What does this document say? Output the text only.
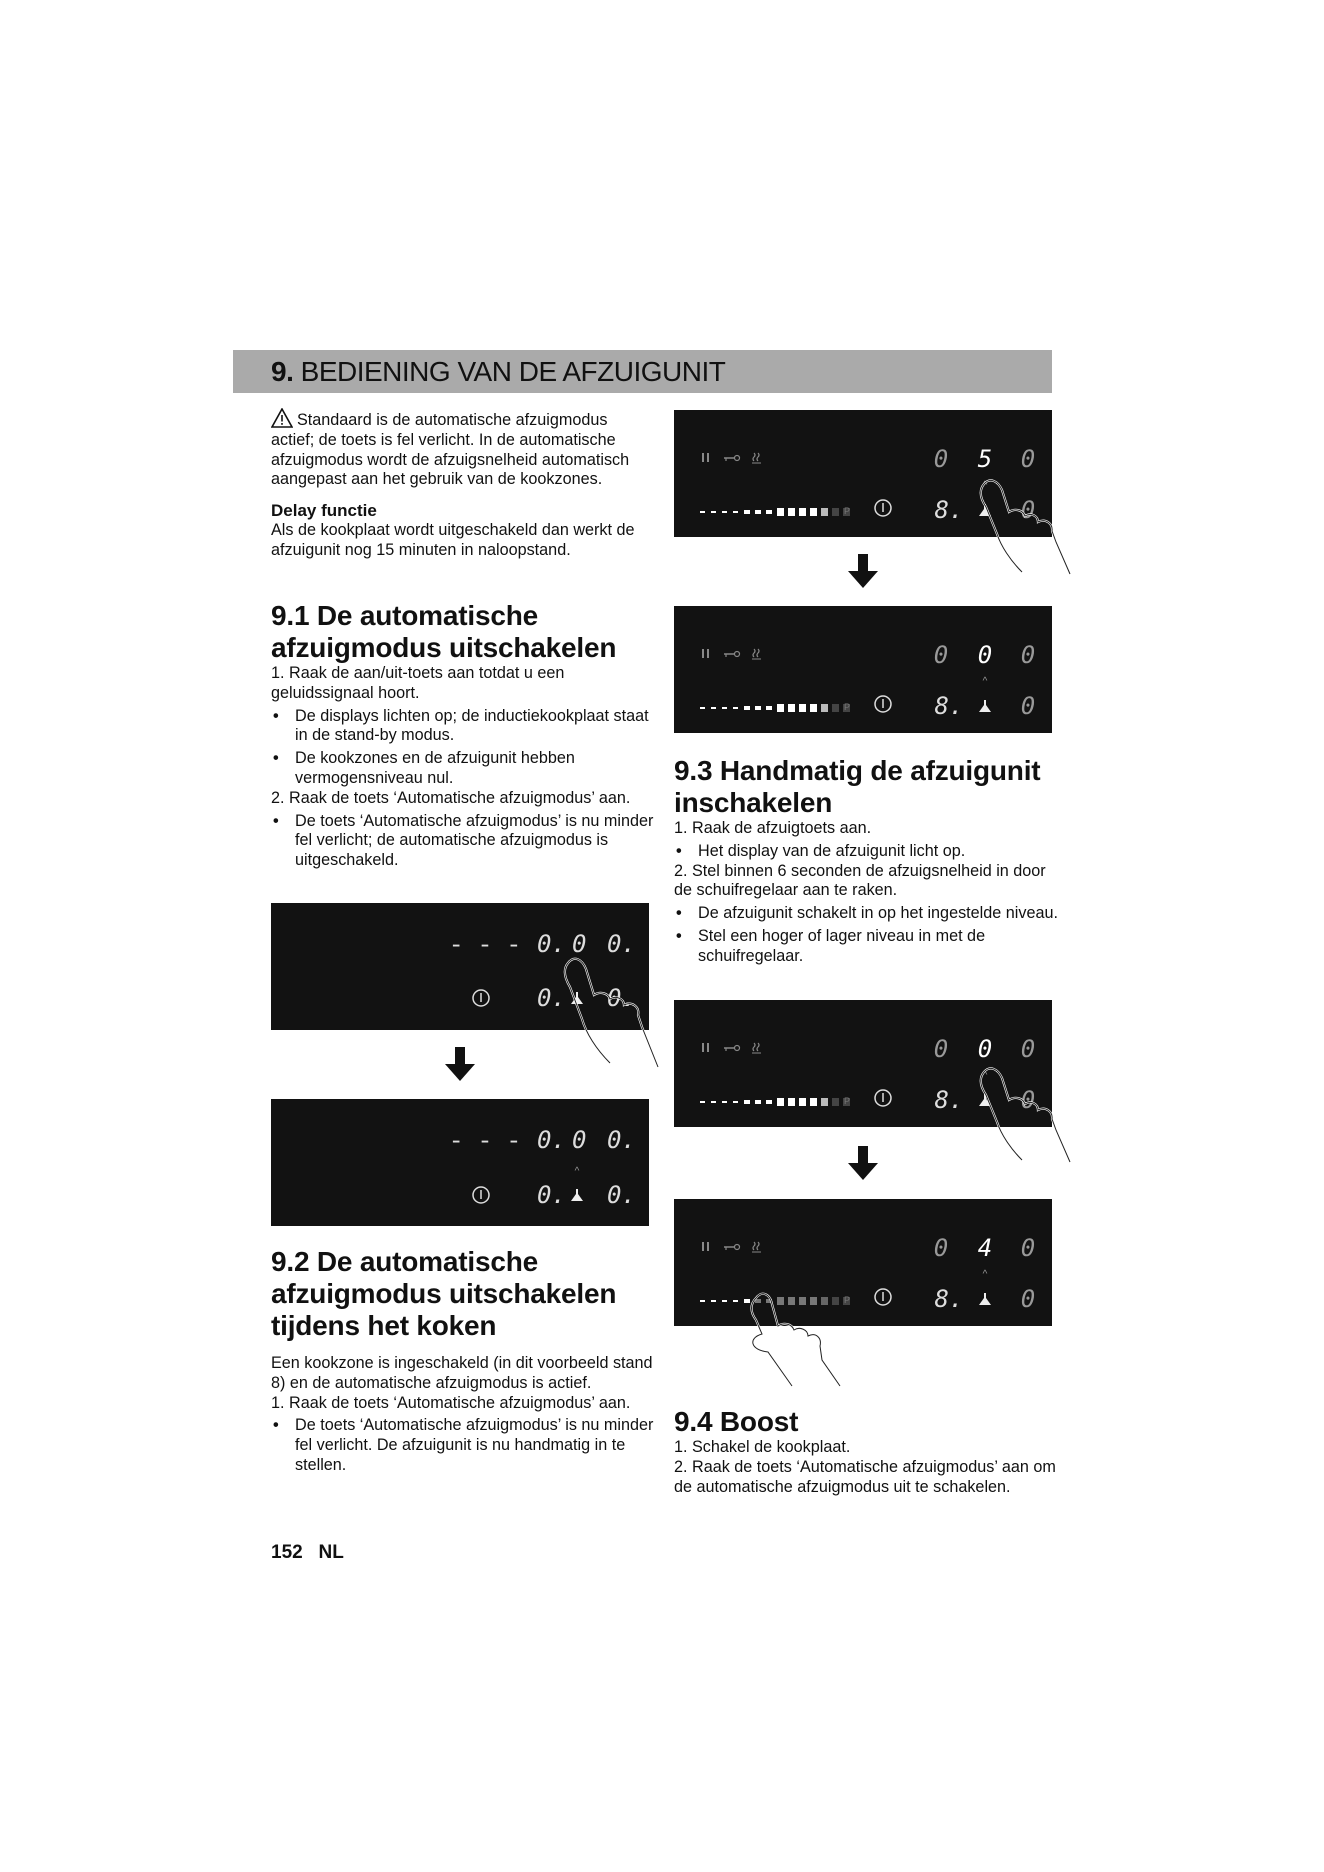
9. BEDIENING VAN DE AFZUIGUNIT

Standaard is de automatische afzuigmodus actief; de toets is fel verlicht. In de automatische afzuigmodus wordt de afzuigsnelheid automatisch aangepast aan het gebruik van de kookzones.

Delay functie

Als de kookplaat wordt uitgeschakeld dan werkt de afzuigunit nog 15 minuten in naloopstand.

9.1 De automatische afzuigmodus uitschakelen

1. Raak de aan/uit-toets aan totdat u een geluidssignaal hoort.

•	De displays lichten op; de inductiekookplaat staat in de stand-by modus.
•	De kookzones en de afzuigunit hebben vermogensniveau nul.

2. Raak de toets ‘Automatische afzuigmodus’ aan.

•	De toets ‘Automatische afzuigmodus’ is nu minder fel verlicht; de automatische afzuigmodus is uitgeschakeld.
- - - 0. 0 0.
0. 0.
- - - 0. 0 0.
^
0. 0.
9.2 De automatische afzuigmodus uitschakelen tijdens het koken

Een kookzone is ingeschakeld (in dit voorbeeld stand 8) en de automatische afzuigmodus is actief.

1. Raak de toets ‘Automatische afzuigmodus’ aan.

•	De toets ‘Automatische afzuigmodus’ is nu minder fel verlicht. De afzuigunit is nu handmatig in te stellen.
0 5 0
^
P	8. 0
0 0 0
^
P	8. 0
9.3 Handmatig de afzuigunit inschakelen

1. Raak de afzuigtoets aan.

•	Het display van de afzuigunit licht op.

2. Stel binnen 6 seconden de afzuigsnelheid in door de schuifregelaar aan te raken.

•	De afzuigunit schakelt in op het ingestelde niveau.
•	Stel een hoger of lager niveau in met de schuifregelaar.
0 0 0
^
P	8. 0
0 4 0
^
P	8. 0
9.4 Boost

1. Schakel de kookplaat.

2. Raak de toets ‘Automatische afzuigmodus’ aan om de automatische afzuigmodus uit te schakelen.

152 NL
